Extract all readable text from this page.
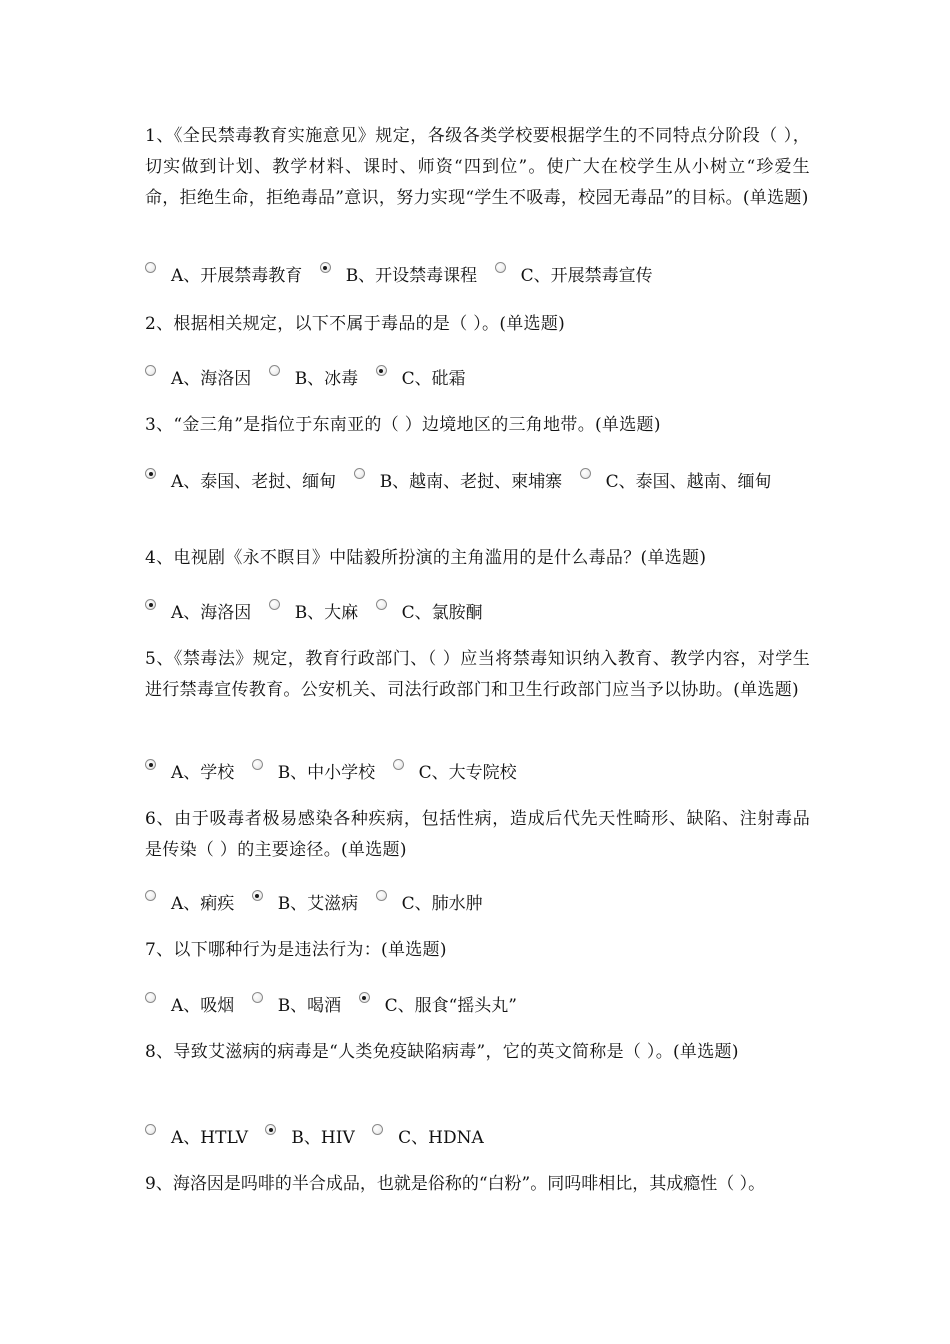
1、《全民禁毒教育实施意见》规定，各级各类学校要根据学生的不同特点分阶段（ ），切实做到计划、教学材料、课时、师资“四到位”。使广大在校学生从小树立“珍爱生命，拒绝生命，拒绝毒品”意识，努力实现“学生不吸毒，校园无毒品”的目标。(单选题)
A、开展禁毒教育	B、开设禁毒课程	C、开展禁毒宣传
2、根据相关规定，以下不属于毒品的是（ ）。(单选题)
A、海洛因	B、冰毒	C、砒霜
3、“金三角”是指位于东南亚的（ ）边境地区的三角地带。(单选题)
A、泰国、老挝、缅甸	B、越南、老挝、柬埔寨	C、泰国、越南、缅甸
4、电视剧《永不瞑目》中陆毅所扮演的主角滥用的是什么毒品？(单选题)
A、海洛因	B、大麻	C、氯胺酮
5、《禁毒法》规定，教育行政部门、（ ）应当将禁毒知识纳入教育、教学内容，对学生进行禁毒宣传教育。公安机关、司法行政部门和卫生行政部门应当予以协助。(单选题)
A、学校	B、中小学校	C、大专院校
6、由于吸毒者极易感染各种疾病，包括性病，造成后代先天性畸形、缺陷、注射毒品是传染（ ）的主要途径。(单选题)
A、痢疾	B、艾滋病	C、肺水肿
7、以下哪种行为是违法行为：(单选题)
A、吸烟	B、喝酒	C、服食“摇头丸”
8、导致艾滋病的病毒是“人类免疫缺陷病毒”，它的英文简称是（ ）。(单选题)
A、HTLV	B、HIV	C、HDNA
9、海洛因是吗啡的半合成品，也就是俗称的“白粉”。同吗啡相比，其成瘾性（ ）。
